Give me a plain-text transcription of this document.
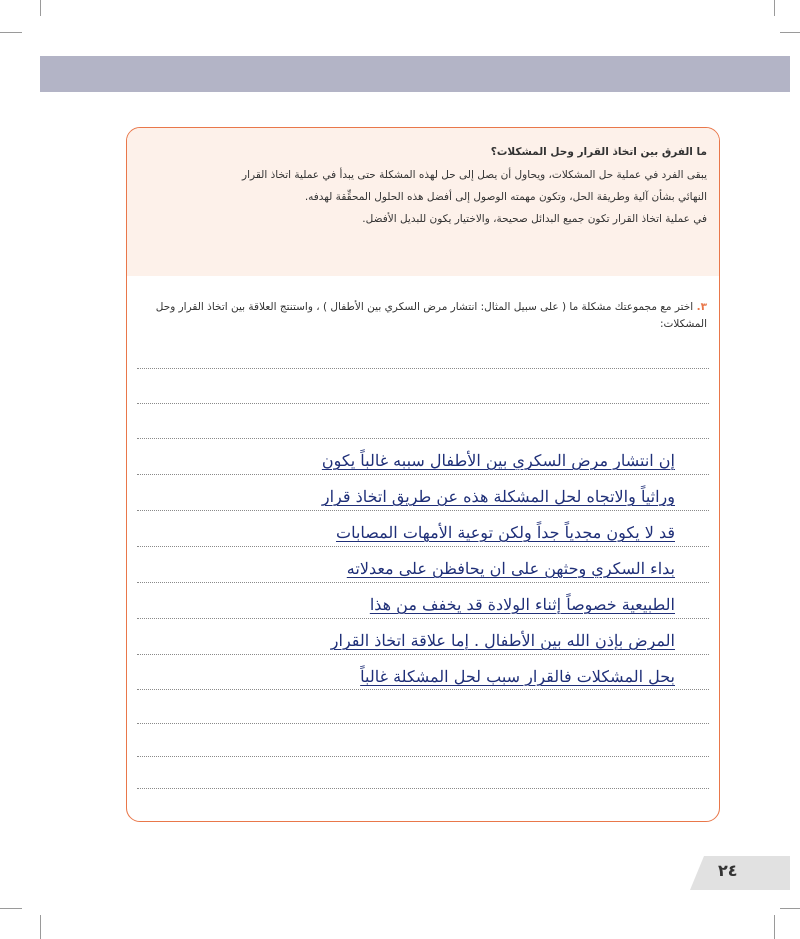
ما الفرق بين اتخاذ القرار وحل المشكلات؟
يبقى الفرد في عملية حل المشكلات، ويحاول أن يصل إلى حل لهذه المشكلة حتى يبدأ في عملية اتخاذ القرار
النهائي بشأن آلية وطريقة الحل، وتكون مهمته الوصول إلى أفضل هذه الحلول المحقِّقة لهدفه.
في عملية اتخاذ القرار تكون جميع البدائل صحيحة، والاختيار يكون للبديل الأفضل.
٣. اختر مع مجموعتك مشكلة ما ( على سبيل المثال: انتشار مرض السكري بين الأطفال ) ، واستنتج العلاقة بين اتخاذ القرار وحل المشكلات:
إن انتشار مرض السكري بين الأطفال سببه غالباً يكون
وراثياً والاتجاه لحل المشكلة هذه عن طريق اتخاذ قرار
قد لا يكون مجدياً جداً ولكن توعية الأمهات المصابات
بداء السكري وحثهن على ان يحافظن على معدلاته
الطبيعية خصوصاً إثناء الولادة قد يخفف من هذا
المرض بإذن الله بين الأطفال . إما علاقة اتخاذ القرار
بحل المشكلات فالقرار سبب لحل المشكلة غالباً
٢٤
